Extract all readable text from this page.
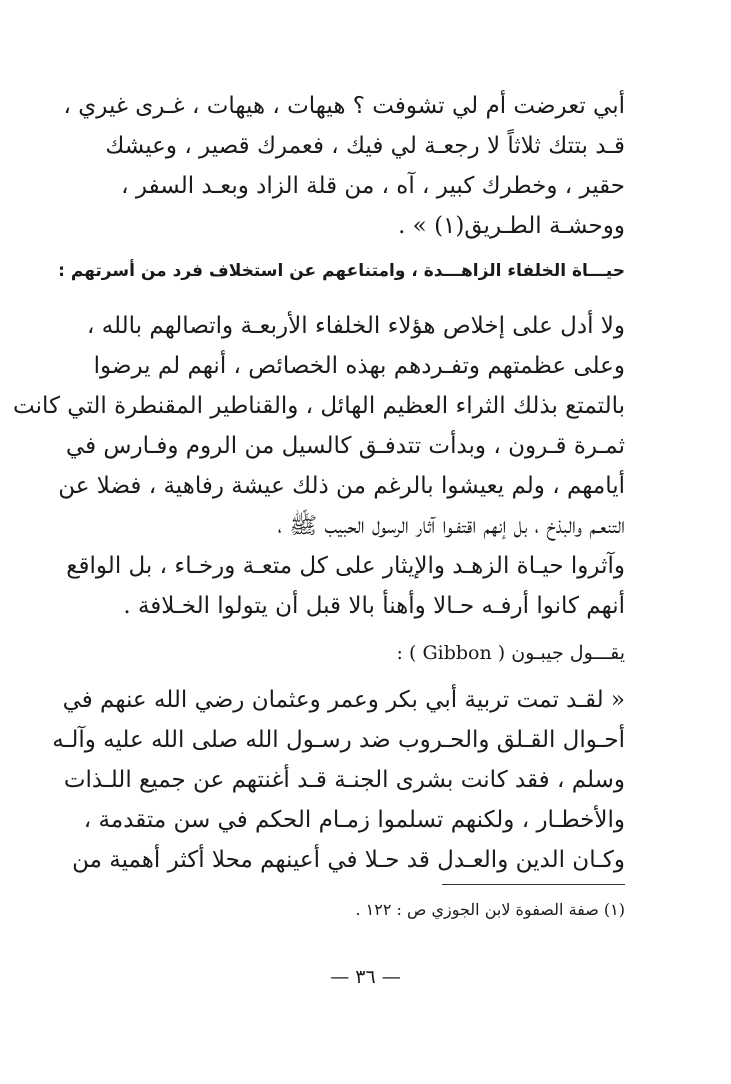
أبي تعرضت أم لي تشوفت ؟ هيهات ، هيهات ، غـرى غيري ،
قـد بتتك ثلاثاً لا رجعـة لي فيك ، فعمرك قصير ، وعيشك
حقير ، وخطرك كبير ، آه ، من قلة الزاد وبعـد السفر ،
ووحشـة الطـريق(١) » .
حيـــاة الخلفاء الزاهـــدة ، وامتناعهم عن استخلاف فرد من أسرتهم :
ولا أدل على إخلاص هؤلاء الخلفاء الأربعـة واتصالهم بالله ،
وعلى عظمتهم وتفـردهم بهذه الخصائص ، أنهم لم يرضوا
بالتمتع بذلك الثراء العظيم الهائل ، والقناطير المقنطرة التي كانت
ثمـرة قـرون ، وبدأت تتدفـق كالسيل من الروم وفـارس في
أيامهم ، ولم يعيشوا بالرغم من ذلك عيشة رفاهية ، فضلا عن
التنعـم والبذخ ، بل إنهم اقتفـوا آثار الرسول الحبيب ﷺ ،
وآثروا حيـاة الزهـد والإيثار على كل متعـة ورخـاء ، بل الواقع
أنهم كانوا أرفـه حـالا وأهنأ بالا قبل أن يتولوا الخـلافة .
يقـــول جيبـون ( Gibbon ) :
« لقـد تمت تربية أبي بكر وعمر وعثمان رضي الله عنهم في
أحـوال القـلق والحـروب ضد رسـول الله صلى الله عليه وآلـه
وسلم ، فقد كانت بشرى الجنـة قـد أغنتهم عن جميع اللـذات
والأخطـار ، ولكنهم تسلموا زمـام الحكم في سن متقدمة ،
وكـان الدين والعـدل قد حـلا في أعينهم محلا أكثر أهمية من
(١) صفة الصفوة لابن الجوزي ص : ١٢٢ .
— ٣٦ —
